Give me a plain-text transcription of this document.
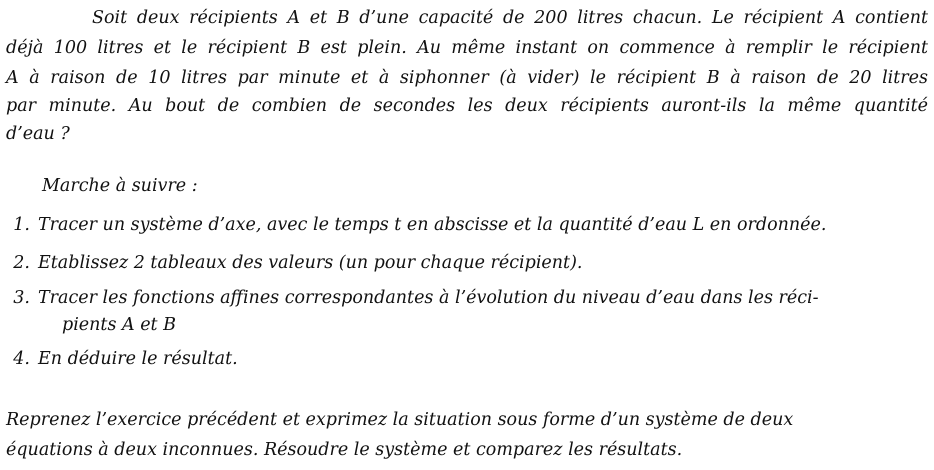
Soit deux récipients A et B d’une capacité de 200 litres chacun. Le récipient A contient
déjà 100 litres et le récipient B est plein. Au même instant on commence à remplir le récipient
A à raison de 10 litres par minute et à siphonner (à vider) le récipient B à raison de 20 litres
par minute. Au bout de combien de secondes les deux récipients auront-ils la même quantité
d’eau ?
Marche à suivre :
1. Tracer un système d’axe, avec le temps t en abscisse et la quantité d’eau L en ordonnée.
2. Etablissez 2 tableaux des valeurs (un pour chaque récipient).
3. Tracer les fonctions affines correspondantes à l’évolution du niveau d’eau dans les réci-
pients A et B
4. En déduire le résultat.
Reprenez l’exercice précédent et exprimez la situation sous forme d’un système de deux
équations à deux inconnues. Résoudre le système et comparez les résultats.
